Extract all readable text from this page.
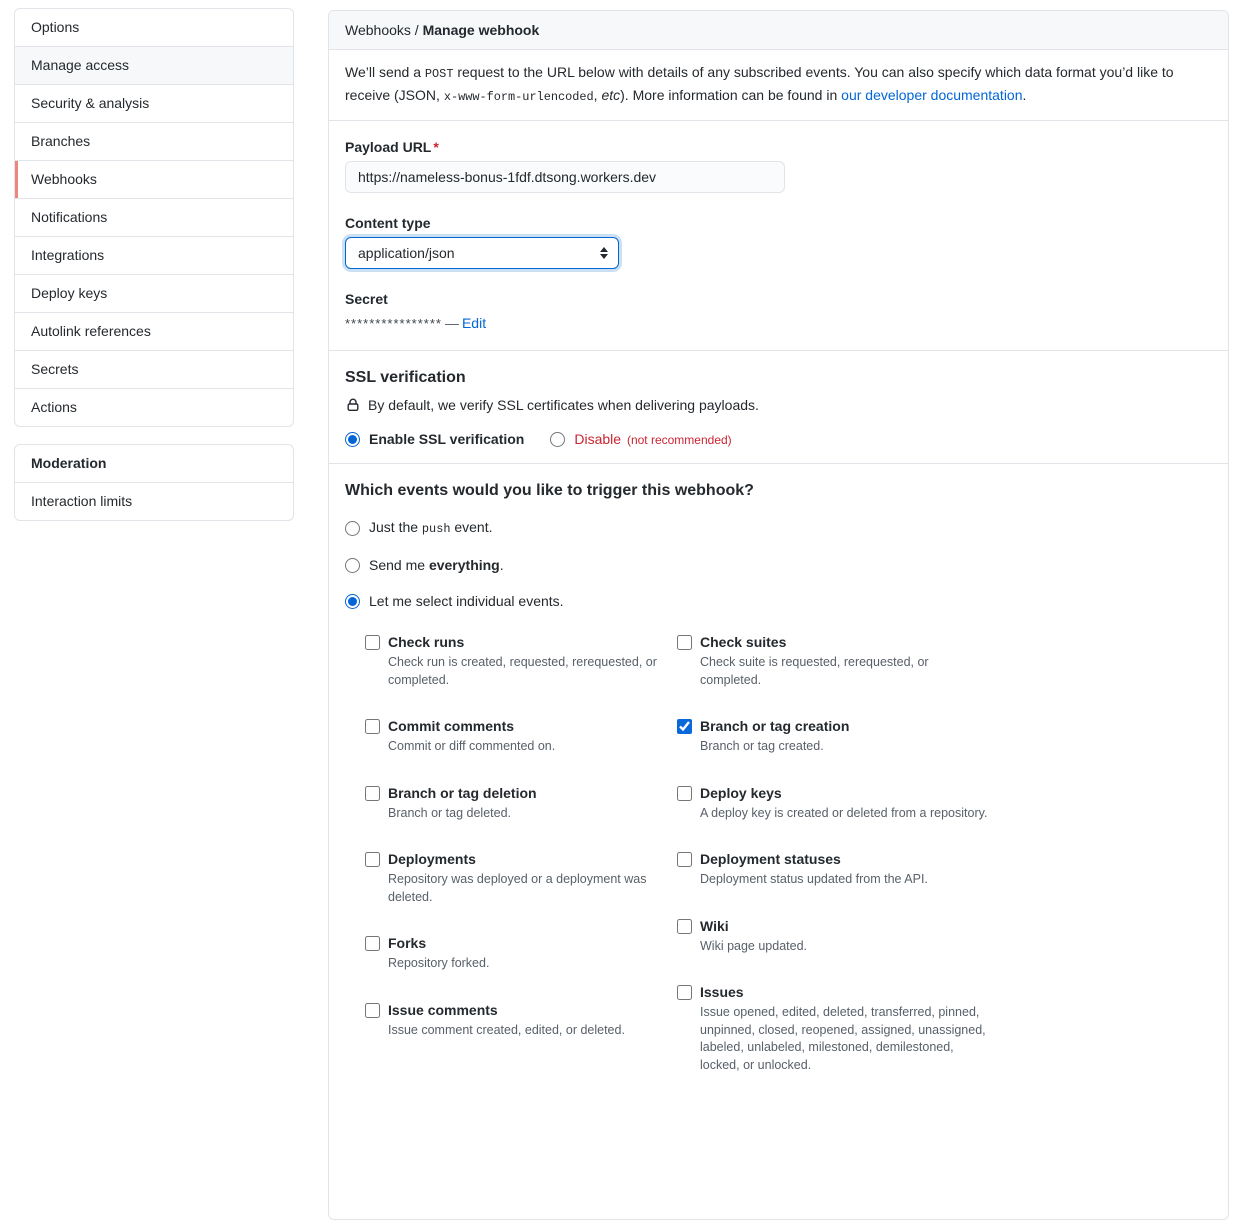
Options
Manage access
Security & analysis
Branches
Webhooks
Notifications
Integrations
Deploy keys
Autolink references
Secrets
Actions
Moderation
Interaction limits
Webhooks / Manage webhook

We’ll send a POST request to the URL below with details of any subscribed events. You can also specify which data format you’d like to receive (JSON, x-www-form-urlencoded, etc). More information can be found in our developer documentation.

Payload URL *
https://nameless-bonus-1fdf.dtsong.workers.dev
Content type
application/json
Secret
**************** — Edit
SSL verification
By default, we verify SSL certificates when delivering payloads.
Enable SSL verification	Disable (not recommended)
Which events would you like to trigger this webhook?
Just the push event.
Send me everything.
Let me select individual events.
Check runs

Check run is created, requested, rerequested, or completed.

Commit comments

Commit or diff commented on.

Branch or tag deletion

Branch or tag deleted.

Deployments

Repository was deployed or a deployment was deleted.

Forks

Repository forked.

Issue comments

Issue comment created, edited, or deleted.

Check suites

Check suite is requested, rerequested, or completed.

Branch or tag creation

Branch or tag created.

Deploy keys

A deploy key is created or deleted from a repository.

Deployment statuses

Deployment status updated from the API.

Wiki

Wiki page updated.

Issues

Issue opened, edited, deleted, transferred, pinned, unpinned, closed, reopened, assigned, unassigned, labeled, unlabeled, milestoned, demilestoned, locked, or unlocked.
